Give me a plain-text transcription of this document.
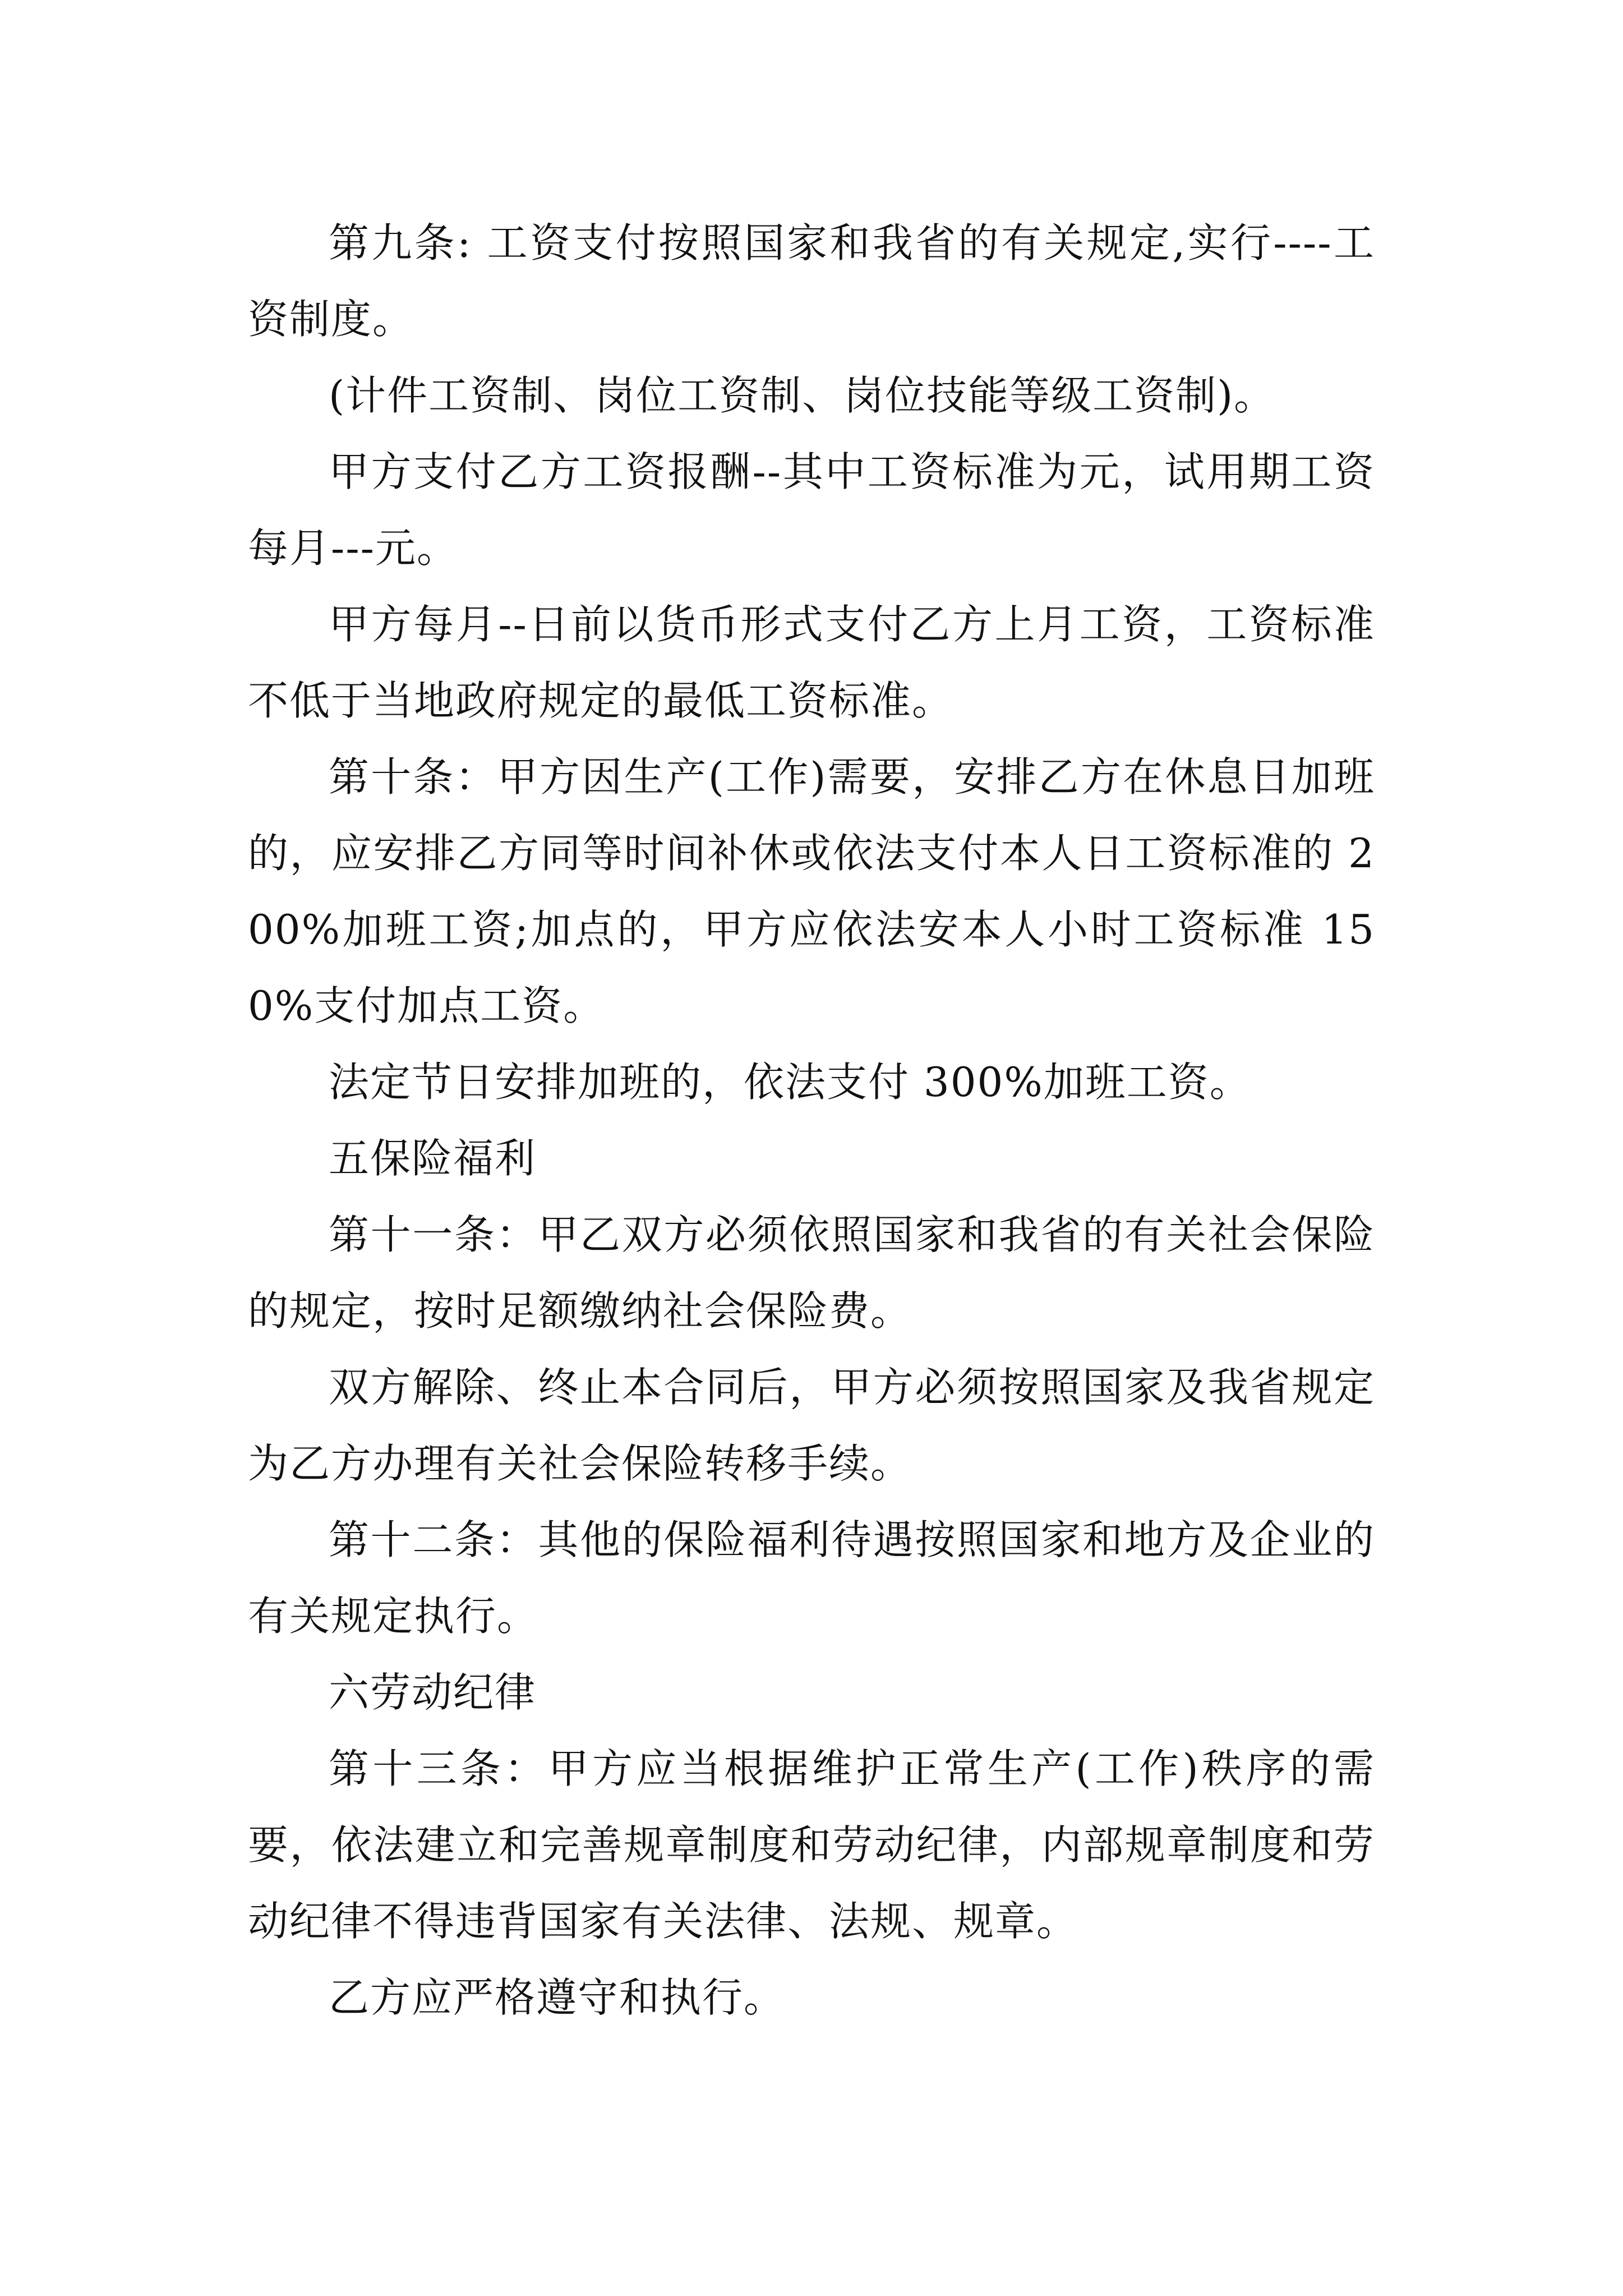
第九条: 工资支付按照国家和我省的有关规定,实行----工资制度。

(计件工资制、岗位工资制、岗位技能等级工资制)。

甲方支付乙方工资报酬--其中工资标准为元，试用期工资每月---元。

甲方每月--日前以货币形式支付乙方上月工资，工资标准不低于当地政府规定的最低工资标准。

第十条：甲方因生产(工作)需要，安排乙方在休息日加班的，应安排乙方同等时间补休或依法支付本人日工资标准的 200%加班工资;加点的，甲方应依法安本人小时工资标准 150%支付加点工资。

法定节日安排加班的，依法支付 300%加班工资。

五保险福利

第十一条：甲乙双方必须依照国家和我省的有关社会保险的规定，按时足额缴纳社会保险费。

双方解除、终止本合同后，甲方必须按照国家及我省规定为乙方办理有关社会保险转移手续。

第十二条：其他的保险福利待遇按照国家和地方及企业的有关规定执行。

六劳动纪律

第十三条：甲方应当根据维护正常生产(工作)秩序的需要，依法建立和完善规章制度和劳动纪律，内部规章制度和劳动纪律不得违背国家有关法律、法规、规章。

乙方应严格遵守和执行。
